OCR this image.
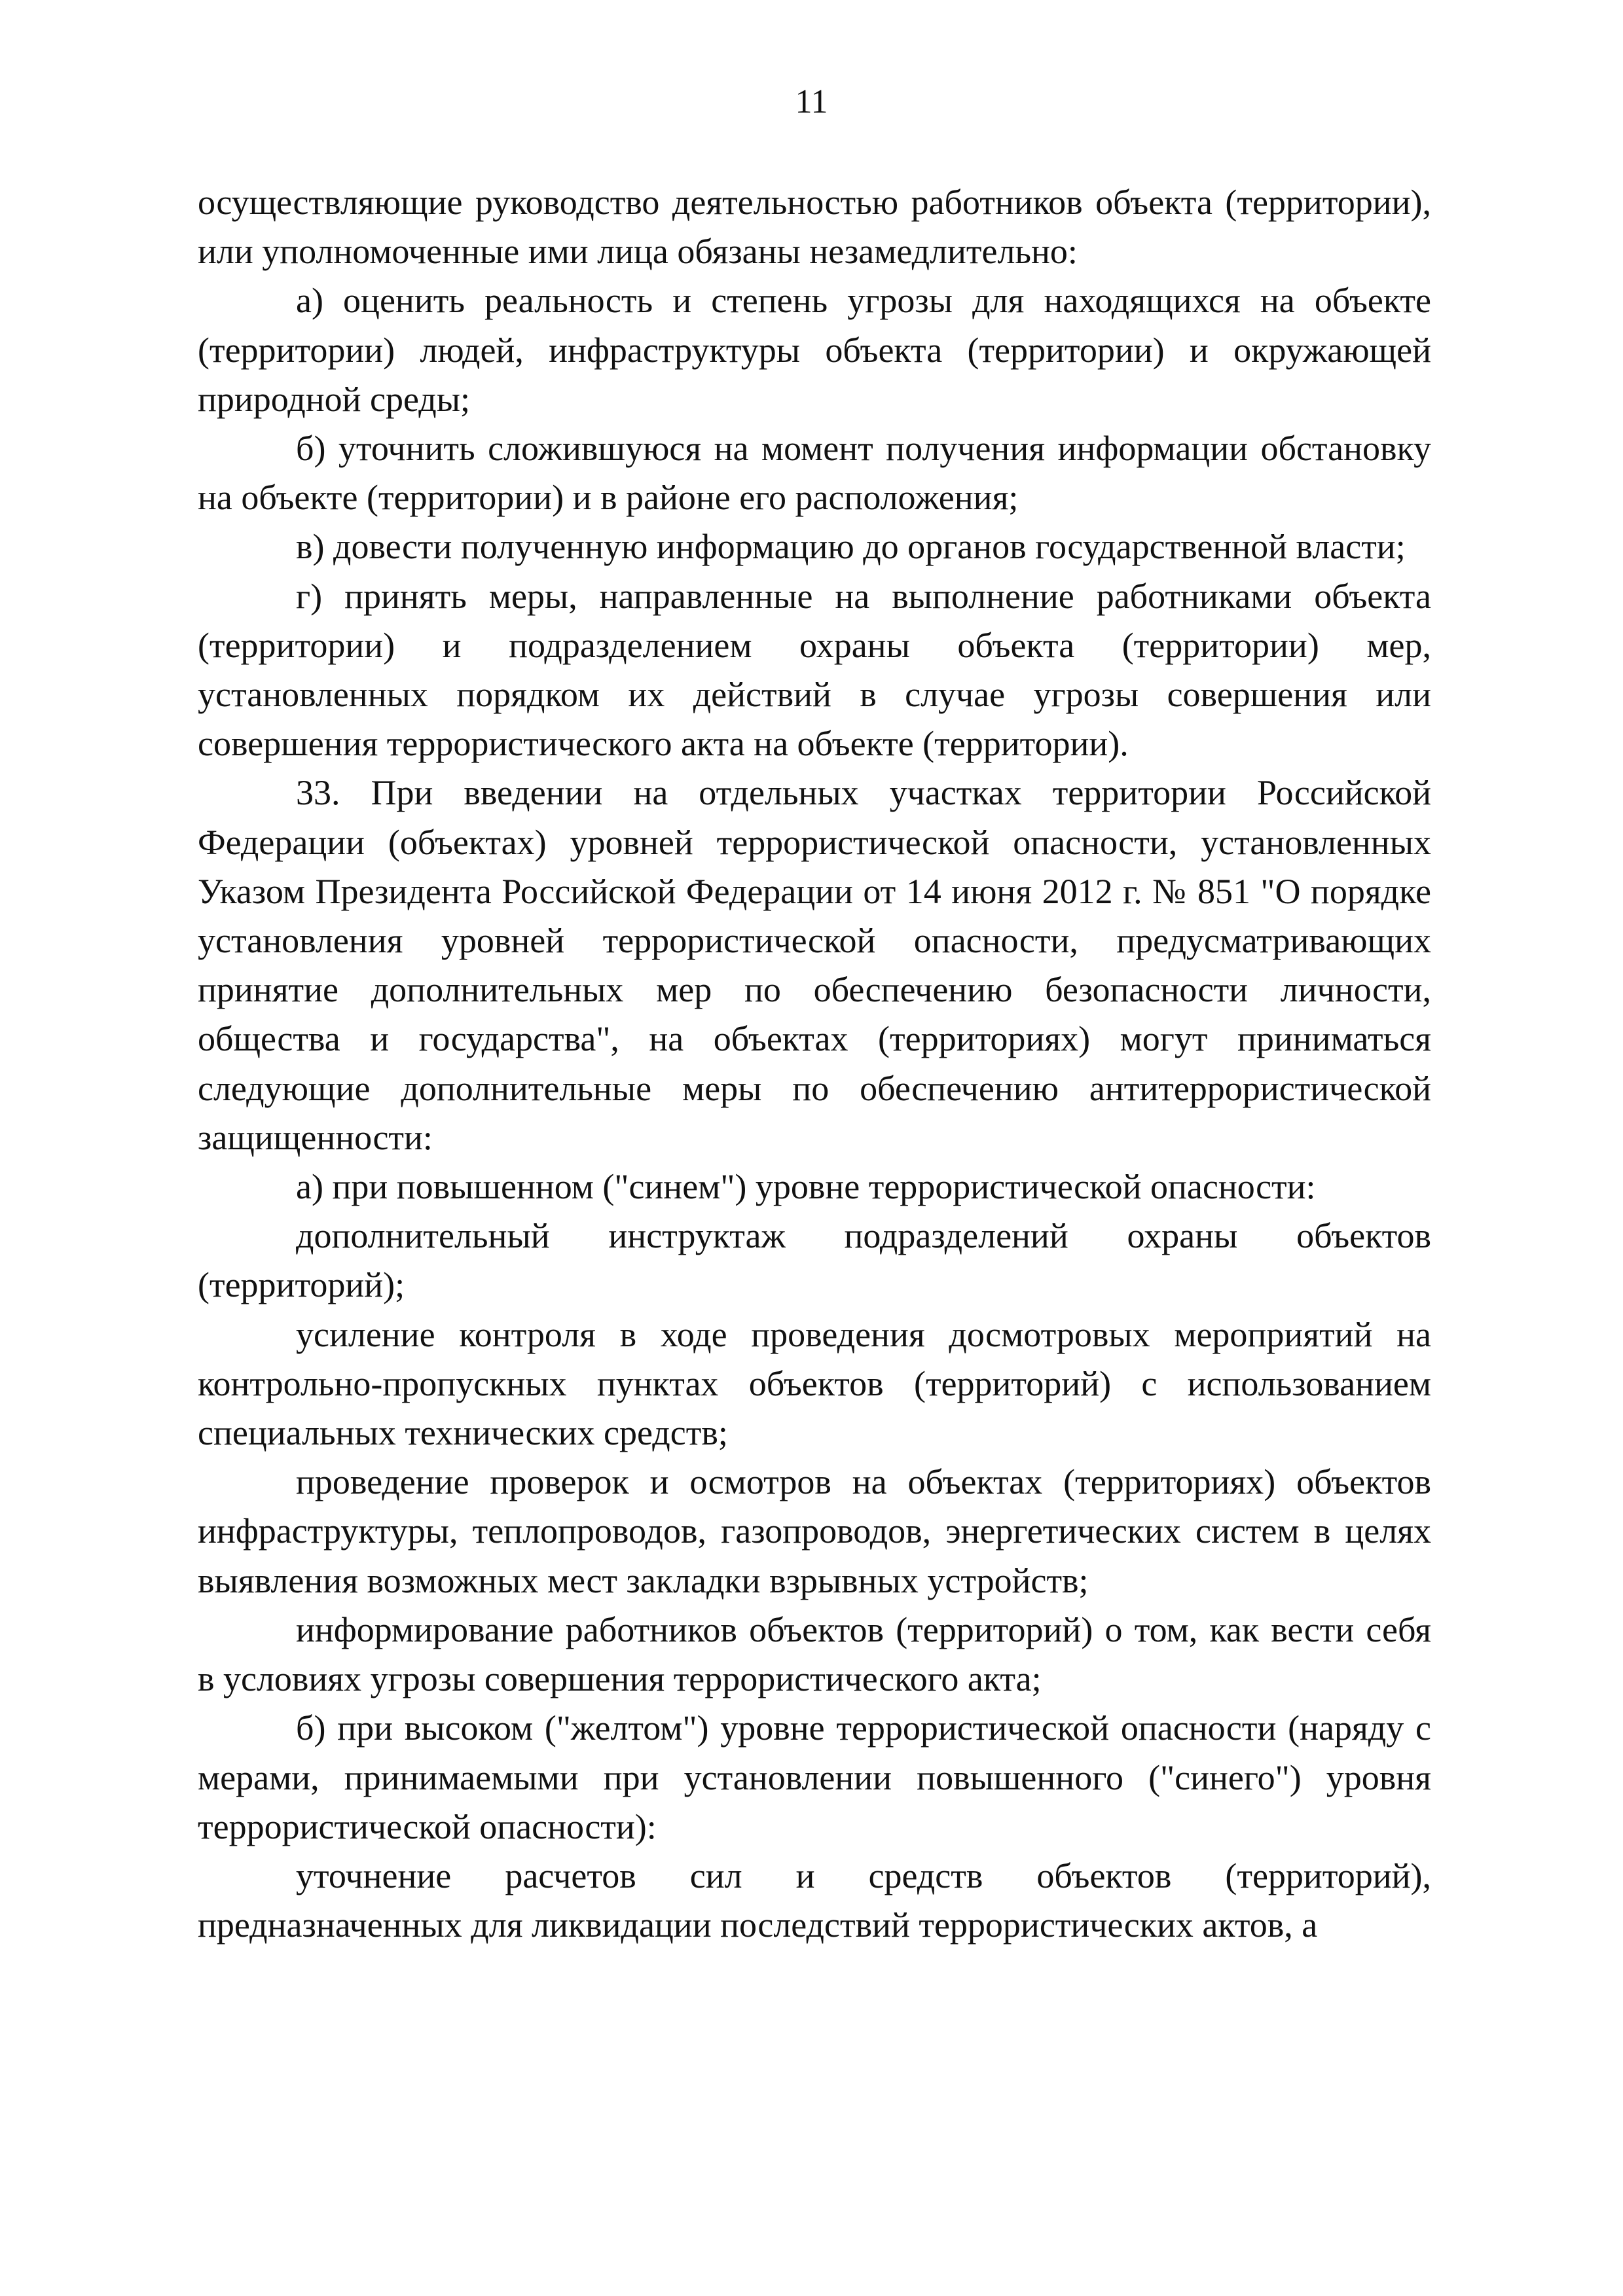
11

осуществляющие руководство деятельностью работников объекта (территории), или уполномоченные ими лица обязаны незамедлительно:

а) оценить реальность и степень угрозы для находящихся на объекте (территории) людей, инфраструктуры объекта (территории) и окружающей природной среды;

б) уточнить сложившуюся на момент получения информации обстановку на объекте (территории) и в районе его расположения;

в) довести полученную информацию до органов государственной власти;

г) принять меры, направленные на выполнение работниками объекта (территории) и подразделением охраны объекта (территории) мер, установленных порядком их действий в случае угрозы совершения или совершения террористического акта на объекте (территории).

33. При введении на отдельных участках территории Российской Федерации (объектах) уровней террористической опасности, установленных Указом Президента Российской Федерации от 14 июня 2012 г. № 851 "О порядке установления уровней террористической опасности, предусматривающих принятие дополнительных мер по обеспечению безопасности личности, общества и государства", на объектах (территориях) могут приниматься следующие дополнительные меры по обеспечению антитеррористической защищенности:

а) при повышенном ("синем") уровне террористической опасности:

дополнительный инструктаж подразделений охраны объектов (территорий);

усиление контроля в ходе проведения досмотровых мероприятий на контрольно-пропускных пунктах объектов (территорий) с использованием специальных технических средств;

проведение проверок и осмотров на объектах (территориях) объектов инфраструктуры, теплопроводов, газопроводов, энергетических систем в целях выявления возможных мест закладки взрывных устройств;

информирование работников объектов (территорий) о том, как вести себя в условиях угрозы совершения террористического акта;

б) при высоком ("желтом") уровне террористической опасности (наряду с мерами, принимаемыми при установлении повышенного ("синего") уровня террористической опасности):

уточнение расчетов сил и средств объектов (территорий), предназначенных для ликвидации последствий террористических актов, а
